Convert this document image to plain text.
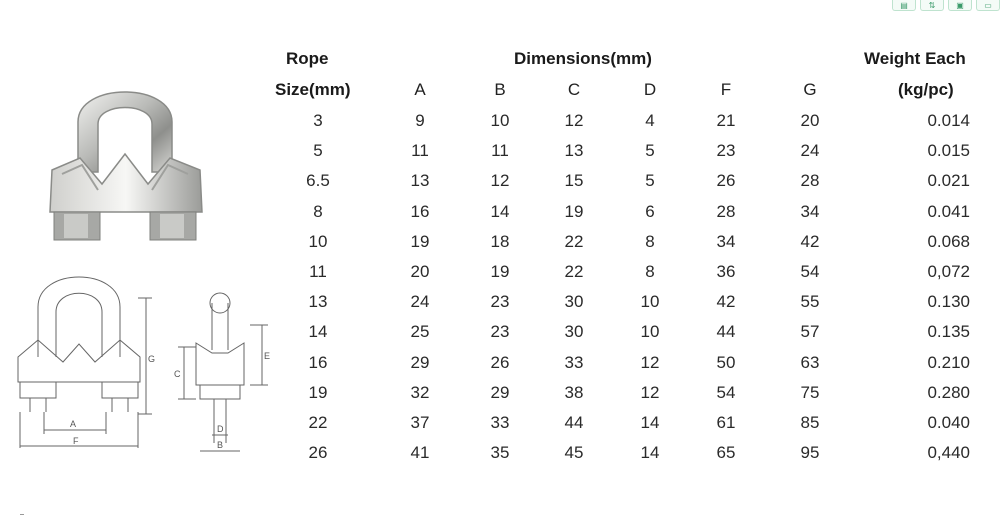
▤	⇅	▣	▭
G
A
F
C
E
D
B
Rope
Size(mm)
Dimensions(mm)	Weight Each
(kg/pc)
A	B	C	D	F	G
3	9	10	12	4	21	20	0.014
5	11	11	13	5	23	24	0.015
6.5	13	12	15	5	26	28	0.021
8	16	14	19	6	28	34	0.041
10	19	18	22	8	34	42	0.068
11	20	19	22	8	36	54	0,072
13	24	23	30	10	42	55	0.130
14	25	23	30	10	44	57	0.135
16	29	26	33	12	50	63	0.210
19	32	29	38	12	54	75	0.280
22	37	33	44	14	61	85	0.040
26	41	35	45	14	65	95	0,440
